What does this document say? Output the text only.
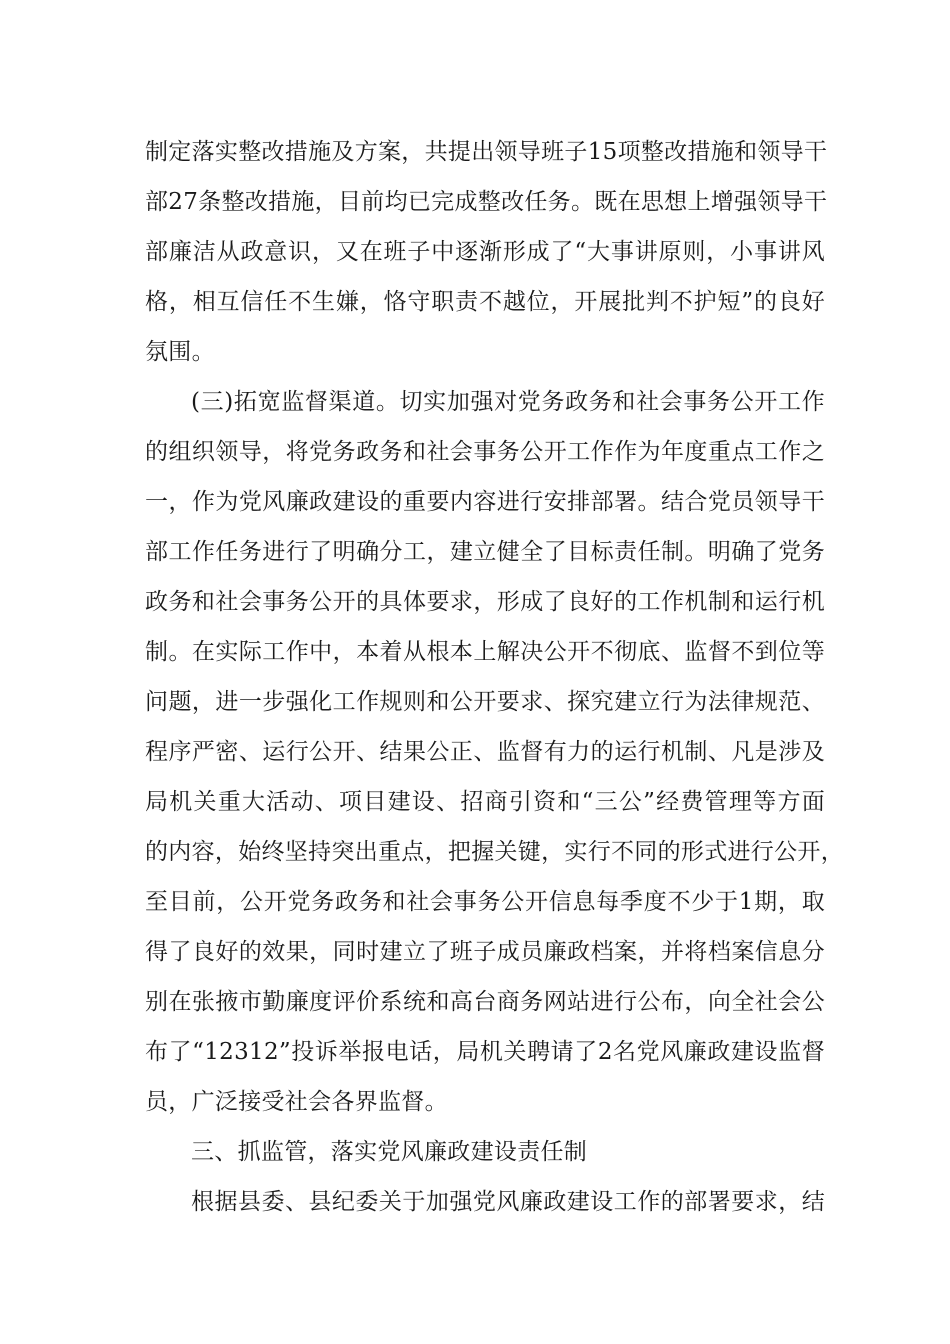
制定落实整改措施及方案，共提出领导班子15项整改措施和领导干
部27条整改措施，目前均已完成整改任务。既在思想上增强领导干
部廉洁从政意识，又在班子中逐渐形成了“大事讲原则，小事讲风
格，相互信任不生嫌，恪守职责不越位，开展批判不护短”的良好
氛围。
(三)拓宽监督渠道。切实加强对党务政务和社会事务公开工作
的组织领导，将党务政务和社会事务公开工作作为年度重点工作之
一，作为党风廉政建设的重要内容进行安排部署。结合党员领导干
部工作任务进行了明确分工，建立健全了目标责任制。明确了党务
政务和社会事务公开的具体要求，形成了良好的工作机制和运行机
制。在实际工作中，本着从根本上解决公开不彻底、监督不到位等
问题，进一步强化工作规则和公开要求、探究建立行为法律规范、
程序严密、运行公开、结果公正、监督有力的运行机制、凡是涉及
局机关重大活动、项目建设、招商引资和“三公”经费管理等方面
的内容，始终坚持突出重点，把握关键，实行不同的形式进行公开，
至目前，公开党务政务和社会事务公开信息每季度不少于1期，取
得了良好的效果，同时建立了班子成员廉政档案，并将档案信息分
别在张掖市勤廉度评价系统和高台商务网站进行公布，向全社会公
布了“12312”投诉举报电话，局机关聘请了2名党风廉政建设监督
员，广泛接受社会各界监督。
三、抓监管，落实党风廉政建设责任制
根据县委、县纪委关于加强党风廉政建设工作的部署要求，结
